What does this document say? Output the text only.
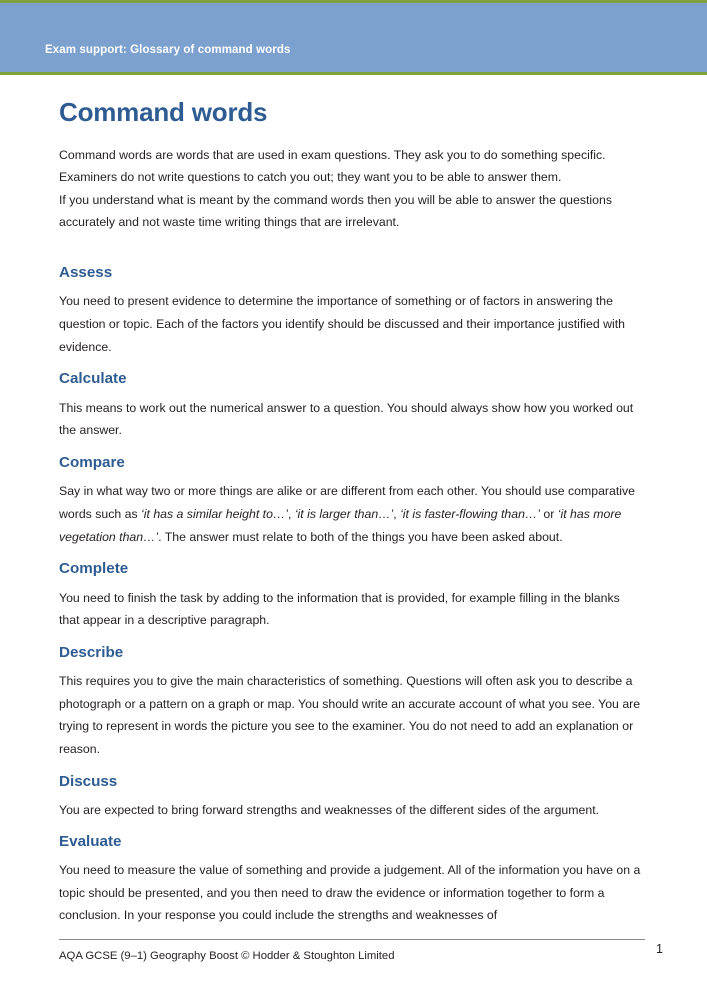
Exam support: Glossary of command words
Command words

Command words are words that are used in exam questions. They ask you to do something specific. Examiners do not write questions to catch you out; they want you to be able to answer them.

If you understand what is meant by the command words then you will be able to answer the questions accurately and not waste time writing things that are irrelevant.

Assess

You need to present evidence to determine the importance of something or of factors in answering the question or topic. Each of the factors you identify should be discussed and their importance justified with evidence.

Calculate

This means to work out the numerical answer to a question. You should always show how you worked out the answer.

Compare

Say in what way two or more things are alike or are different from each other. You should use comparative words such as ‘it has a similar height to…’, ‘it is larger than…’, ‘it is faster-flowing than…’ or ‘it has more vegetation than…’. The answer must relate to both of the things you have been asked about.

Complete

You need to finish the task by adding to the information that is provided, for example filling in the blanks that appear in a descriptive paragraph.

Describe

This requires you to give the main characteristics of something. Questions will often ask you to describe a photograph or a pattern on a graph or map. You should write an accurate account of what you see. You are trying to represent in words the picture you see to the examiner. You do not need to add an explanation or reason.

Discuss

You are expected to bring forward strengths and weaknesses of the different sides of the argument.

Evaluate

You need to measure the value of something and provide a judgement. All of the information you have on a topic should be presented, and you then need to draw the evidence or information together to form a conclusion. In your response you could include the strengths and weaknesses of

AQA GCSE (9–1) Geography Boost © Hodder & Stoughton Limited	1
